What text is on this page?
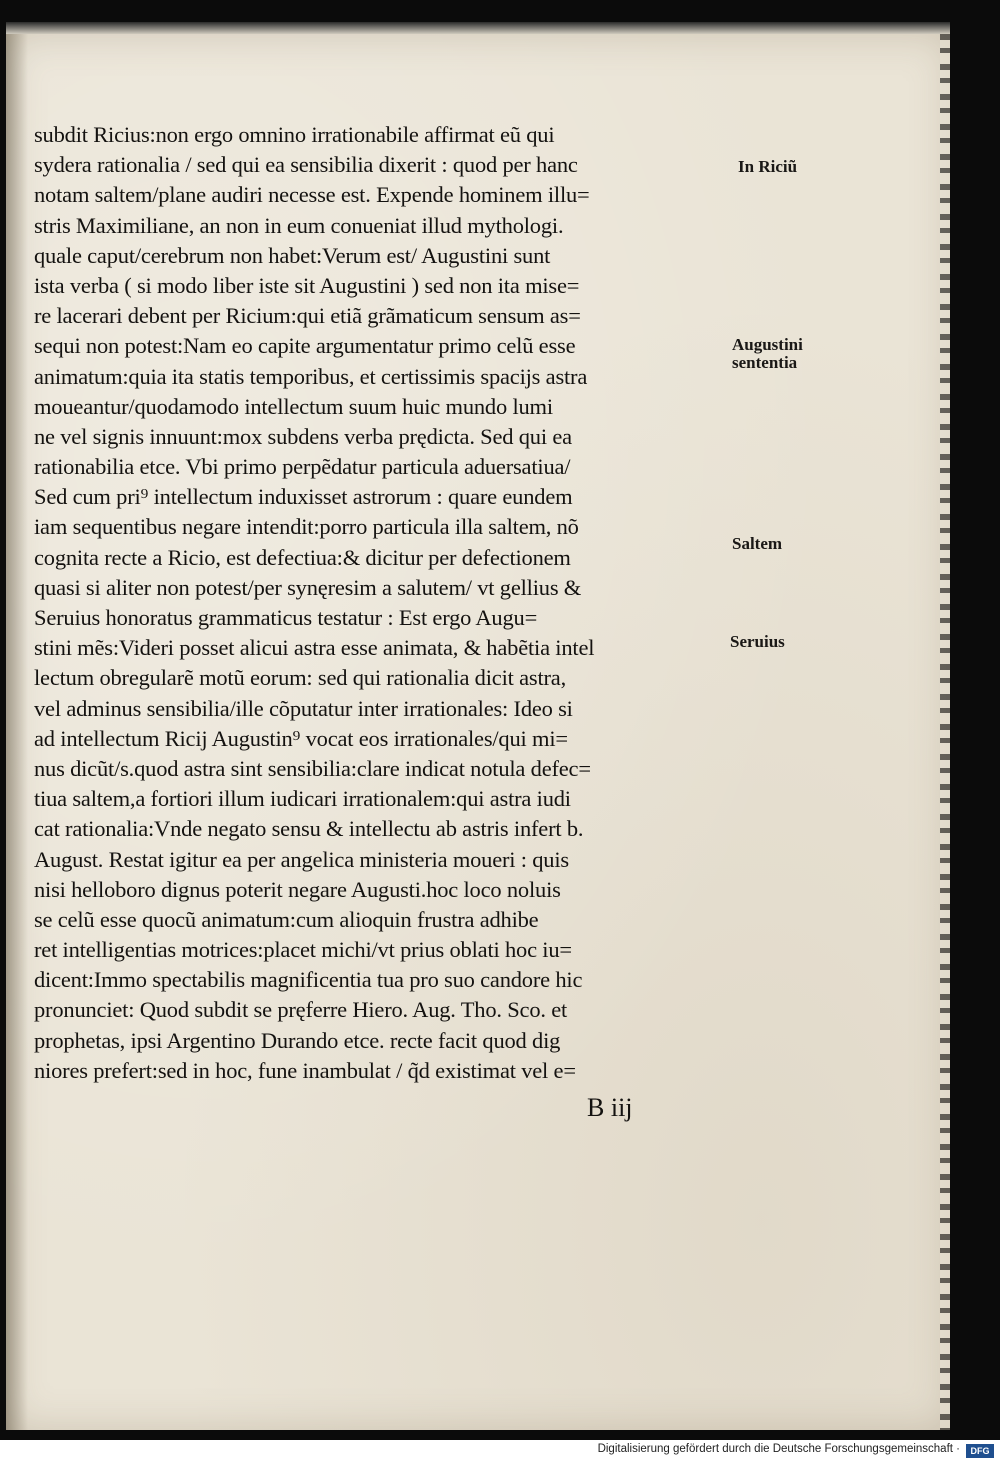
subdit Ricius:non ergo omnino irrationabile affirmat eũ qui
sydera rationalia / sed qui ea sensibilia dixerit : quod per hanc
notam saltem/plane audiri necesse est. Expende hominem illu=
stris Maximiliane, an non in eum conueniat illud mythologi.
quale caput/cerebrum non habet:Verum est/ Augustini sunt
ista verba ( si modo liber iste sit Augustini ) sed non ita mise=
re lacerari debent per Ricium:qui etiã grãmaticum sensum as=
sequi non potest:Nam eo capite argumentatur primo celũ esse
animatum:quia ita statis temporibus, et certissimis spacijs astra
moueantur/quodamodo intellectum suum huic mundo lumi
ne vel signis innuunt:mox subdens verba prędicta. Sed qui ea
rationabilia etce. Vbi primo perpẽdatur particula aduersatiua/
Sed cum pri⁹ intellectum induxisset astrorum : quare eundem
iam sequentibus negare intendit:porro particula illa saltem, nõ
cognita recte a Ricio, est defectiua:& dicitur per defectionem
quasi si aliter non potest/per synęresim a salutem/ vt gellius &
Seruius honoratus grammaticus testatur : Est ergo Augu=
stini mẽs:Videri posset alicui astra esse animata, & habẽtia intel
lectum obregularẽ motũ eorum: sed qui rationalia dicit astra,
vel adminus sensibilia/ille cõputatur inter irrationales: Ideo si
ad intellectum Ricij Augustin⁹ vocat eos irrationales/qui mi=
nus dicũt/s.quod astra sint sensibilia:clare indicat notula defec=
tiua saltem,a fortiori illum iudicari irrationalem:qui astra iudi
cat rationalia:Vnde negato sensu & intellectu ab astris infert b.
August. Restat igitur ea per angelica ministeria moueri : quis
nisi helloboro dignus poterit negare Augusti.hoc loco noluis
se celũ esse quocũ animatum:cum alioquin frustra adhibe
ret intelligentias motrices:placet michi/vt prius oblati hoc iu=
dicent:Immo spectabilis magnificentia tua pro suo candore hic
pronunciet: Quod subdit se pręferre Hiero. Aug. Tho. Sco. et
prophetas, ipsi Argentino Durando etce. recte facit quod dig
niores prefert:sed in hoc, fune inambulat / q̃d existimat vel e=
In Riciũ
Augustini
sententia
Saltem
Seruius
B iij
Digitalisierung gefördert durch die Deutsche Forschungsgemeinschaft ·	DFG
